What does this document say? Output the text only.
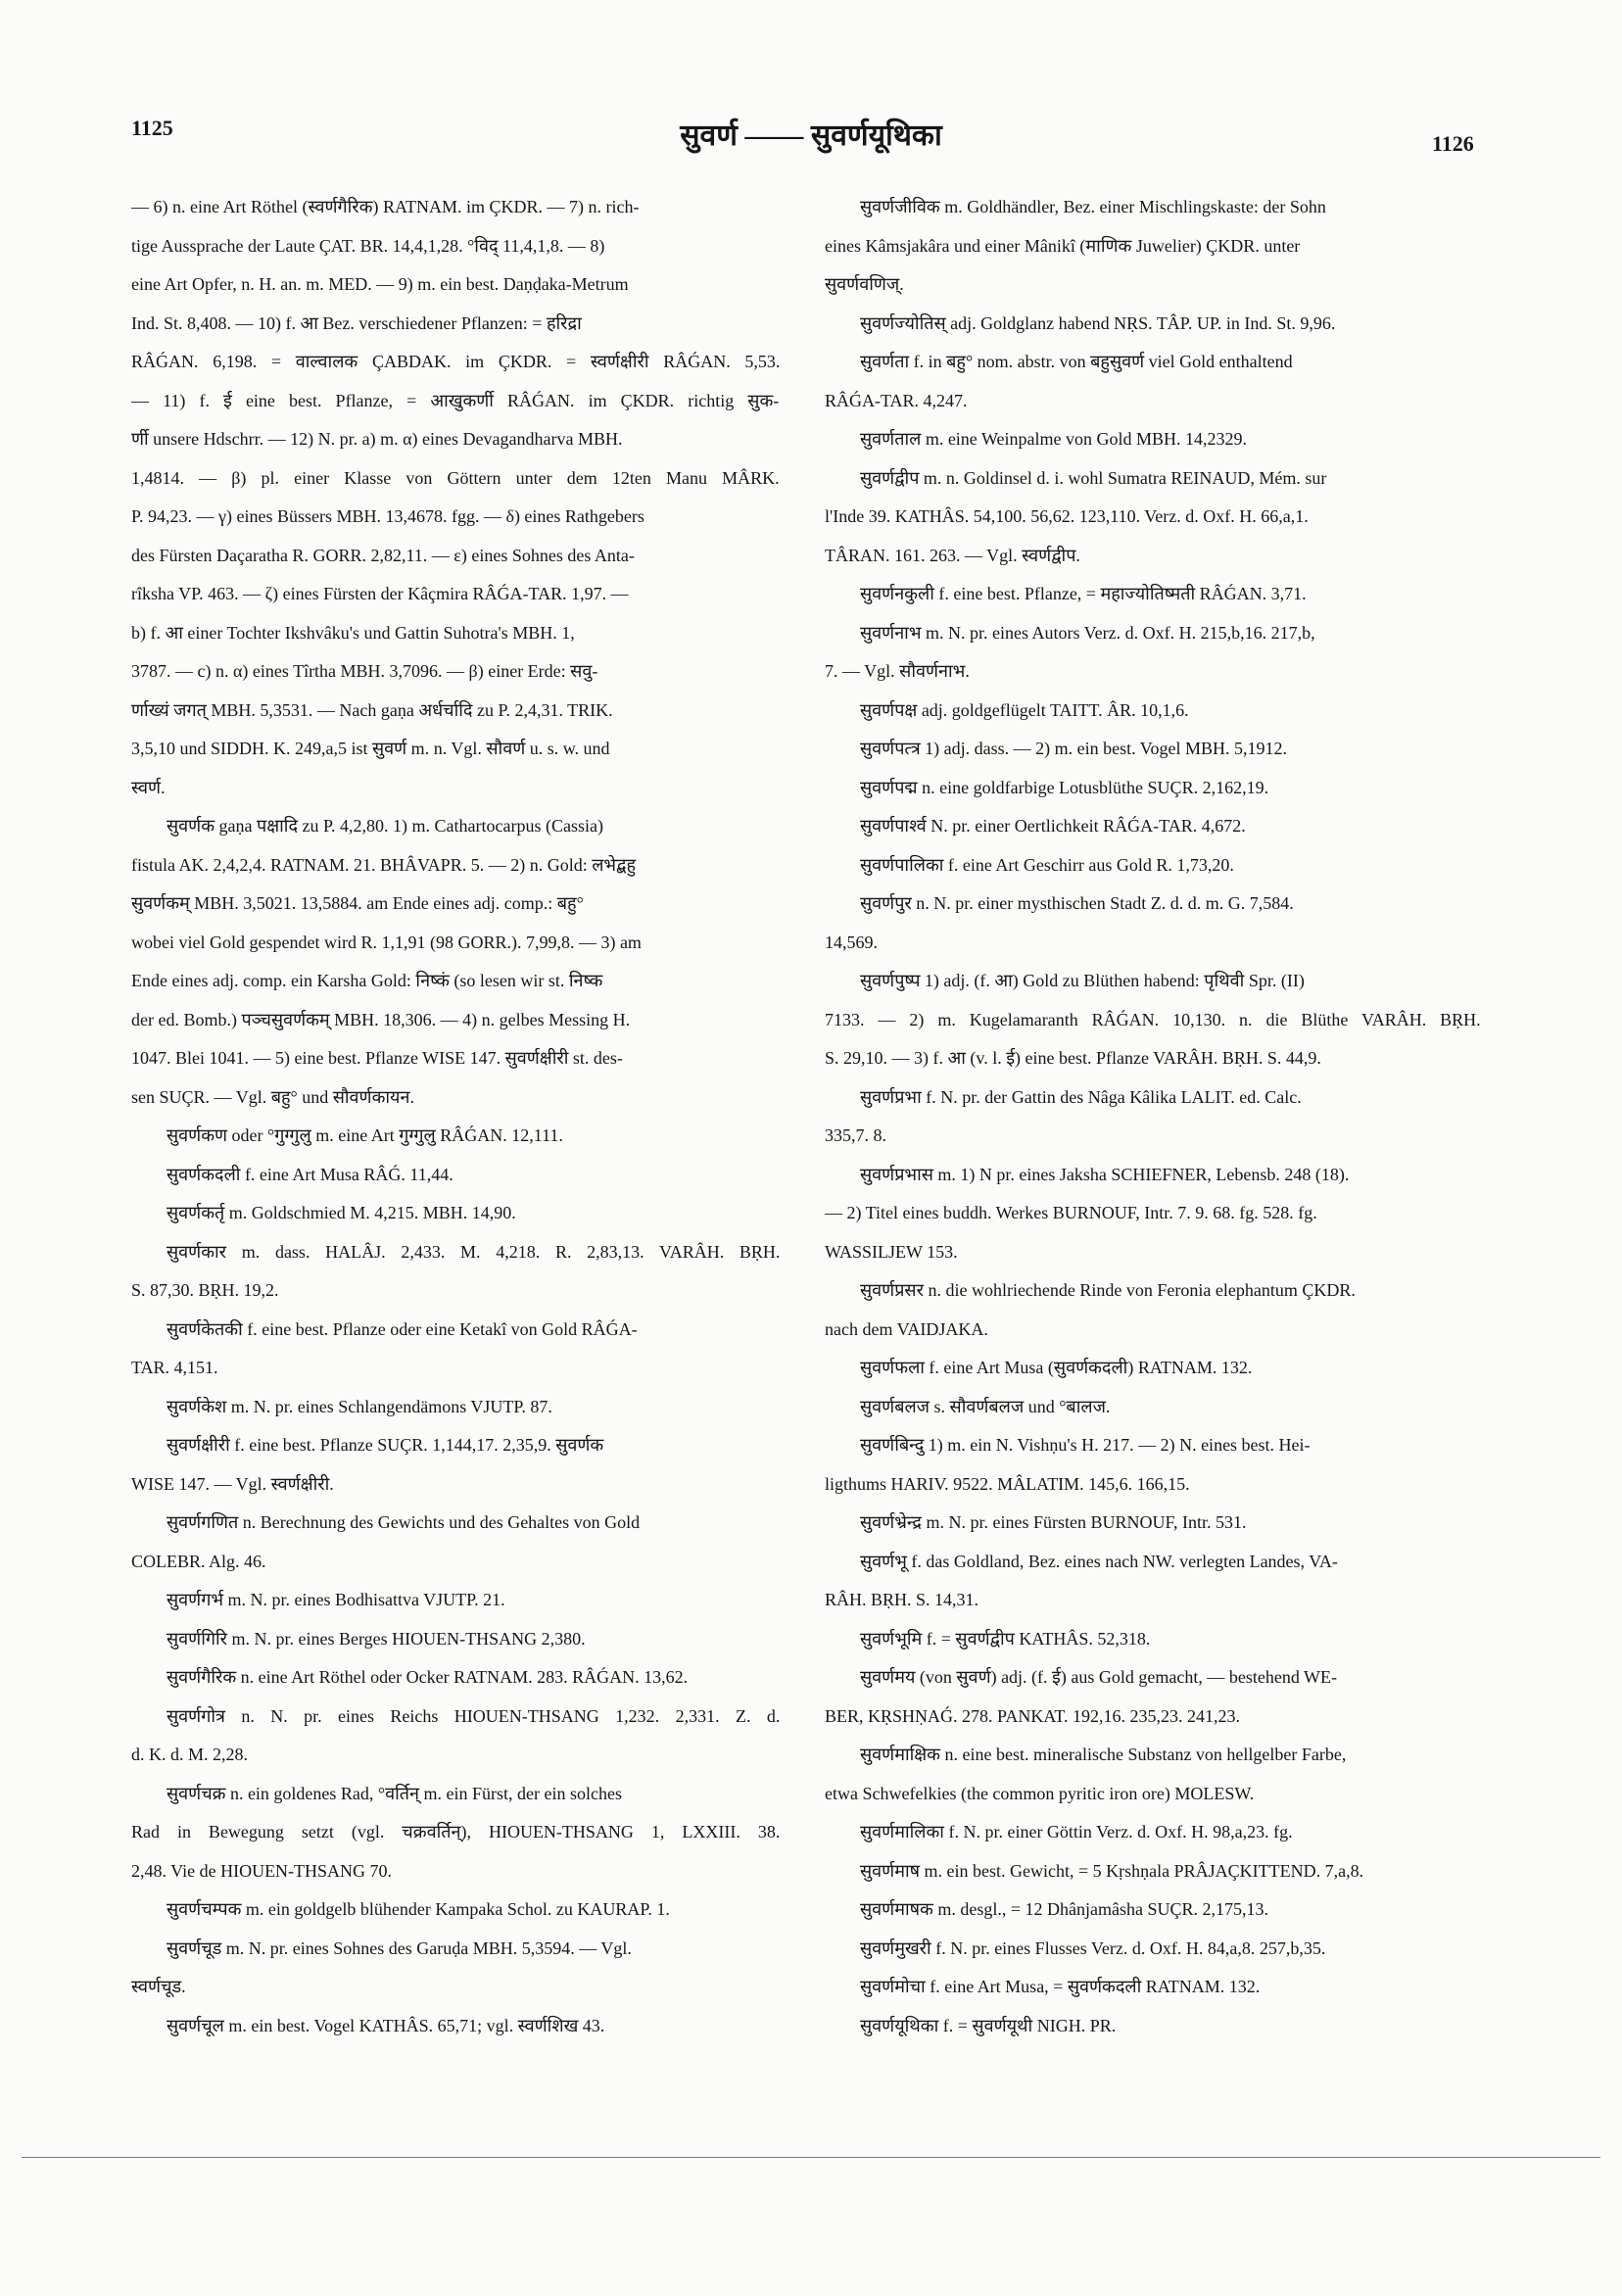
1125	सुवर्ण —— सुवर्णयूथिका	1126
— 6) n. eine Art Röthel (स्वर्णगैरिक) RATNAM. im ÇKDR. — 7) n. rich-
tige Aussprache der Laute ÇAT. BR. 14,4,1,28. °विद् 11,4,1,8. — 8)
eine Art Opfer, n. H. an. m. MED. — 9) m. ein best. Daṇḍaka-Metrum
Ind. St. 8,408. — 10) f. आ Bez. verschiedener Pflanzen: = हरिद्रा
RÂǴAN. 6,198. = वाल्वालक ÇABDAK. im ÇKDR. = स्वर्णक्षीरी RÂǴAN. 5,53.
— 11) f. ई eine best. Pflanze, = आखुकर्णी RÂǴAN. im ÇKDR. richtig सुक-
र्णी unsere Hdschrr. — 12) N. pr. a) m. α) eines Devagandharva MBH.
1,4814. — β) pl. einer Klasse von Göttern unter dem 12ten Manu MÂRK.
P. 94,23. — γ) eines Büssers MBH. 13,4678. fgg. — δ) eines Rathgebers
des Fürsten Daçaratha R. GORR. 2,82,11. — ε) eines Sohnes des Anta-
rîksha VP. 463. — ζ) eines Fürsten der Kâçmira RÂǴA-TAR. 1,97. —
b) f. आ einer Tochter Ikshvâku's und Gattin Suhotra's MBH. 1,
3787. — c) n. α) eines Tîrtha MBH. 3,7096. — β) einer Erde: सवु-
र्णाख्यं जगत् MBH. 5,3531. — Nach gaṇa अर्धर्चादि zu P. 2,4,31. TRIK.
3,5,10 und SIDDH. K. 249,a,5 ist सुवर्ण m. n. Vgl. सौवर्ण u. s. w. und
स्वर्ण.
सुवर्णक gaṇa पक्षादि zu P. 4,2,80. 1) m. Cathartocarpus (Cassia)
fistula AK. 2,4,2,4. RATNAM. 21. BHÂVAPR. 5. — 2) n. Gold: लभेद्बहु
सुवर्णकम् MBH. 3,5021. 13,5884. am Ende eines adj. comp.: बहु°
wobei viel Gold gespendet wird R. 1,1,91 (98 GORR.). 7,99,8. — 3) am
Ende eines adj. comp. ein Karsha Gold: निष्कं (so lesen wir st. निष्क
der ed. Bomb.) पञ्चसुवर्णकम् MBH. 18,306. — 4) n. gelbes Messing H.
1047. Blei 1041. — 5) eine best. Pflanze WISE 147. सुवर्णक्षीरी st. des-
sen SUÇR. — Vgl. बहु° und सौवर्णकायन.
सुवर्णकण oder °गुग्गुलु m. eine Art गुग्गुलु RÂǴAN. 12,111.
सुवर्णकदली f. eine Art Musa RÂǴ. 11,44.
सुवर्णकर्तृ m. Goldschmied M. 4,215. MBH. 14,90.
सुवर्णकार m. dass. HALÂJ. 2,433. M. 4,218. R. 2,83,13. VARÂH. BṚH.
S. 87,30. BṚH. 19,2.
सुवर्णकेतकी f. eine best. Pflanze oder eine Ketakî von Gold RÂǴA-
TAR. 4,151.
सुवर्णकेश m. N. pr. eines Schlangendämons VJUTP. 87.
सुवर्णक्षीरी f. eine best. Pflanze SUÇR. 1,144,17. 2,35,9. सुवर्णक
WISE 147. — Vgl. स्वर्णक्षीरी.
सुवर्णगणित n. Berechnung des Gewichts und des Gehaltes von Gold
COLEBR. Alg. 46.
सुवर्णगर्भ m. N. pr. eines Bodhisattva VJUTP. 21.
सुवर्णगिरि m. N. pr. eines Berges HIOUEN-THSANG 2,380.
सुवर्णगैरिक n. eine Art Röthel oder Ocker RATNAM. 283. RÂǴAN. 13,62.
सुवर्णगोत्र n. N. pr. eines Reichs HIOUEN-THSANG 1,232. 2,331. Z. d.
d. K. d. M. 2,28.
सुवर्णचक्र n. ein goldenes Rad, °वर्तिन् m. ein Fürst, der ein solches
Rad in Bewegung setzt (vgl. चक्रवर्तिन्), HIOUEN-THSANG 1, LXXIII. 38.
2,48. Vie de HIOUEN-THSANG 70.
सुवर्णचम्पक m. ein goldgelb blühender Kampaka Schol. zu KAURAP. 1.
सुवर्णचूड m. N. pr. eines Sohnes des Garuḍa MBH. 5,3594. — Vgl.
स्वर्णचूड.
सुवर्णचूल m. ein best. Vogel KATHÂS. 65,71; vgl. स्वर्णशिख 43.
सुवर्णजीविक m. Goldhändler, Bez. einer Mischlingskaste: der Sohn
eines Kâmsjakâra und einer Mânikî (माणिक Juwelier) ÇKDR. unter
सुवर्णवणिज्.
सुवर्णज्योतिस् adj. Goldglanz habend NṚS. TÂP. UP. in Ind. St. 9,96.
सुवर्णता f. in बहु° nom. abstr. von बहुसुवर्ण viel Gold enthaltend
RÂǴA-TAR. 4,247.
सुवर्णताल m. eine Weinpalme von Gold MBH. 14,2329.
सुवर्णद्वीप m. n. Goldinsel d. i. wohl Sumatra REINAUD, Mém. sur
l'Inde 39. KATHÂS. 54,100. 56,62. 123,110. Verz. d. Oxf. H. 66,a,1.
TÂRAN. 161. 263. — Vgl. स्वर्णद्वीप.
सुवर्णनकुली f. eine best. Pflanze, = महाज्योतिष्मती RÂǴAN. 3,71.
सुवर्णनाभ m. N. pr. eines Autors Verz. d. Oxf. H. 215,b,16. 217,b,
7. — Vgl. सौवर्णनाभ.
सुवर्णपक्ष adj. goldgeflügelt TAITT. ÂR. 10,1,6.
सुवर्णपत्त्र 1) adj. dass. — 2) m. ein best. Vogel MBH. 5,1912.
सुवर्णपद्म n. eine goldfarbige Lotusblüthe SUÇR. 2,162,19.
सुवर्णपार्श्व N. pr. einer Oertlichkeit RÂǴA-TAR. 4,672.
सुवर्णपालिका f. eine Art Geschirr aus Gold R. 1,73,20.
सुवर्णपुर n. N. pr. einer mysthischen Stadt Z. d. d. m. G. 7,584.
14,569.
सुवर्णपुष्प 1) adj. (f. आ) Gold zu Blüthen habend: पृथिवी Spr. (II)
7133. — 2) m. Kugelamaranth RÂǴAN. 10,130. n. die Blüthe VARÂH. BṚH.
S. 29,10. — 3) f. आ (v. l. ई) eine best. Pflanze VARÂH. BṚH. S. 44,9.
सुवर्णप्रभा f. N. pr. der Gattin des Nâga Kâlika LALIT. ed. Calc.
335,7. 8.
सुवर्णप्रभास m. 1) N pr. eines Jaksha SCHIEFNER, Lebensb. 248 (18).
— 2) Titel eines buddh. Werkes BURNOUF, Intr. 7. 9. 68. fg. 528. fg.
WASSILJEW 153.
सुवर्णप्रसर n. die wohlriechende Rinde von Feronia elephantum ÇKDR.
nach dem VAIDJAKA.
सुवर्णफला f. eine Art Musa (सुवर्णकदली) RATNAM. 132.
सुवर्णबलज s. सौवर्णबलज und °बालज.
सुवर्णबिन्दु 1) m. ein N. Vishṇu's H. 217. — 2) N. eines best. Hei-
ligthums HARIV. 9522. MÂLATIM. 145,6. 166,15.
सुवर्णभ्रेन्द्र m. N. pr. eines Fürsten BURNOUF, Intr. 531.
सुवर्णभू f. das Goldland, Bez. eines nach NW. verlegten Landes, VA-
RÂH. BṚH. S. 14,31.
सुवर्णभूमि f. = सुवर्णद्वीप KATHÂS. 52,318.
सुवर्णमय (von सुवर्ण) adj. (f. ई) aus Gold gemacht, — bestehend WE-
BER, KṚSHṆAǴ. 278. PANKAT. 192,16. 235,23. 241,23.
सुवर्णमाक्षिक n. eine best. mineralische Substanz von hellgelber Farbe,
etwa Schwefelkies (the common pyritic iron ore) MOLESW.
सुवर्णमालिका f. N. pr. einer Göttin Verz. d. Oxf. H. 98,a,23. fg.
सुवर्णमाष m. ein best. Gewicht, = 5 Kṛshṇala PRÂJAÇKITTEND. 7,a,8.
सुवर्णमाषक m. desgl., = 12 Dhânjamâsha SUÇR. 2,175,13.
सुवर्णमुखरी f. N. pr. eines Flusses Verz. d. Oxf. H. 84,a,8. 257,b,35.
सुवर्णमोचा f. eine Art Musa, = सुवर्णकदली RATNAM. 132.
सुवर्णयूथिका f. = सुवर्णयूथी NIGH. PR.
